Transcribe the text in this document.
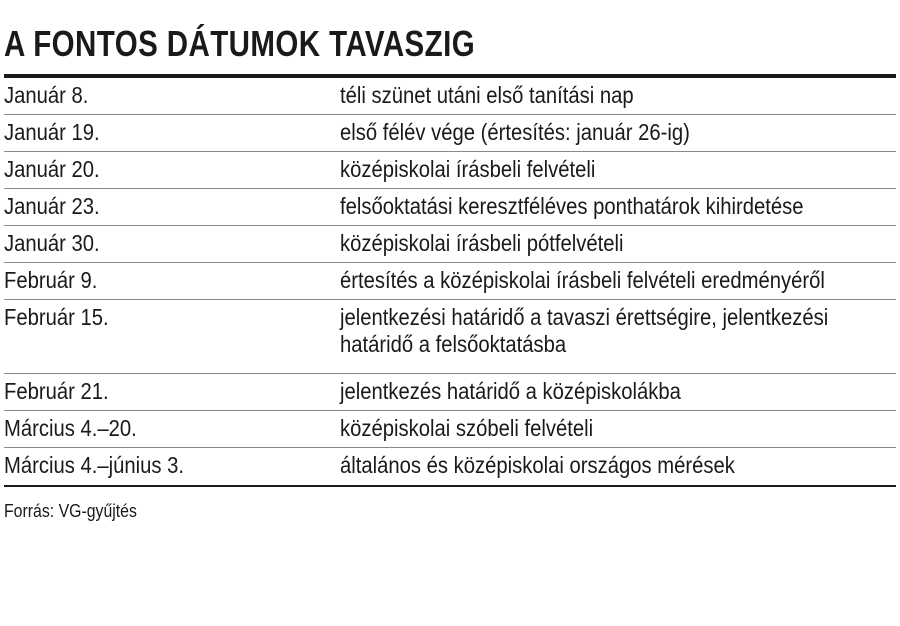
A FONTOS DÁTUMOK TAVASZIG
Január 8.	téli szünet utáni első tanítási nap
Január 19.	első félév vége (értesítés: január 26-ig)
Január 20.	középiskolai írásbeli felvételi
Január 23.	felsőoktatási keresztféléves ponthatárok kihirdetése
Január 30.	középiskolai írásbeli pótfelvételi
Február 9.	értesítés a középiskolai írásbeli felvételi eredményéről
Február 15.	jelentkezési határidő a tavaszi érettségire, jelentkezési
határidő a felsőoktatásba
Február 21.	jelentkezés határidő a középiskolákba
Március 4.–20.	középiskolai szóbeli felvételi
Március 4.–június 3.	általános és középiskolai országos mérések
Forrás: VG-gyűjtés
